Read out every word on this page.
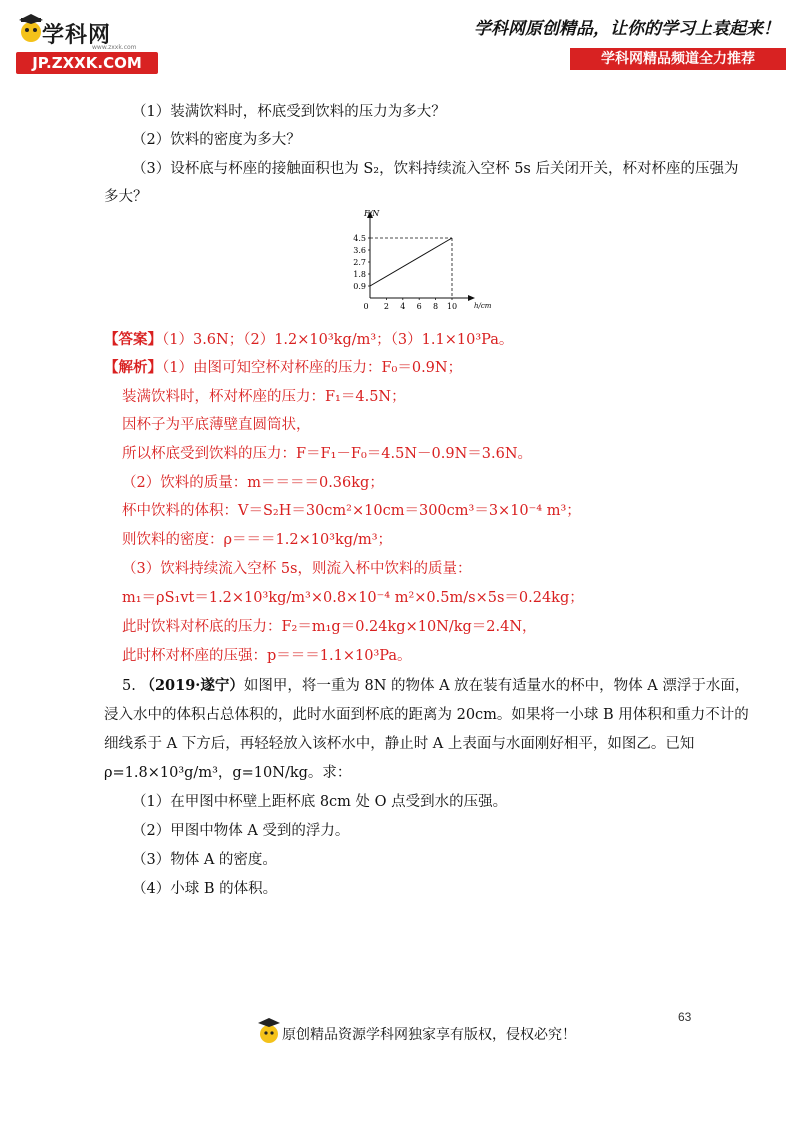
学科网
www.zxxk.com
JP.ZXXK.COM
学科网原创精品，让你的学习上袁起来！
学科网精品频道全力推荐
（1）装满饮料时，杯底受到饮料的压力为多大？
（2）饮料的密度为多大？
（3）设杯底与杯座的接触面积也为 S₂，饮料持续流入空杯 5s 后关闭开关，杯对杯座的压强为
多大？
F/N
h/cm
0.9
1.8
2.7
3.6
4.5
0 2 4 6 8 10
【答案】（1）3.6N；（2）1.2×10³kg/m³；（3）1.1×10³Pa。
【解析】（1）由图可知空杯对杯座的压力：F₀＝0.9N；
装满饮料时，杯对杯座的压力：F₁＝4.5N；
因杯子为平底薄壁直圆筒状，
所以杯底受到饮料的压力：F＝F₁－F₀＝4.5N－0.9N＝3.6N。
（2）饮料的质量：m＝＝＝＝0.36kg；
杯中饮料的体积：V＝S₂H＝30cm²×10cm＝300cm³＝3×10⁻⁴ m³；
则饮料的密度：ρ＝＝＝1.2×10³kg/m³；
（3）饮料持续流入空杯 5s，则流入杯中饮料的质量：
m₁＝ρS₁vt＝1.2×10³kg/m³×0.8×10⁻⁴ m²×0.5m/s×5s＝0.24kg；
此时饮料对杯底的压力：F₂＝m₁g＝0.24kg×10N/kg＝2.4N，
此时杯对杯座的压强：p＝＝＝1.1×10³Pa。
5. （2019·遂宁）如图甲，将一重为 8N 的物体 A 放在装有适量水的杯中，物体 A 漂浮于水面，
浸入水中的体积占总体积的，此时水面到杯底的距离为 20cm。如果将一小球 B 用体积和重力不计的
细线系于 A 下方后，再轻轻放入该杯水中，静止时 A 上表面与水面刚好相平，如图乙。已知
ρ=1.8×10³g/m³，g=10N/kg。求：
（1）在甲图中杯壁上距杯底 8cm 处 O 点受到水的压强。
（2）甲图中物体 A 受到的浮力。
（3）物体 A 的密度。
（4）小球 B 的体积。
63
原创精品资源学科网独家享有版权，侵权必究！
